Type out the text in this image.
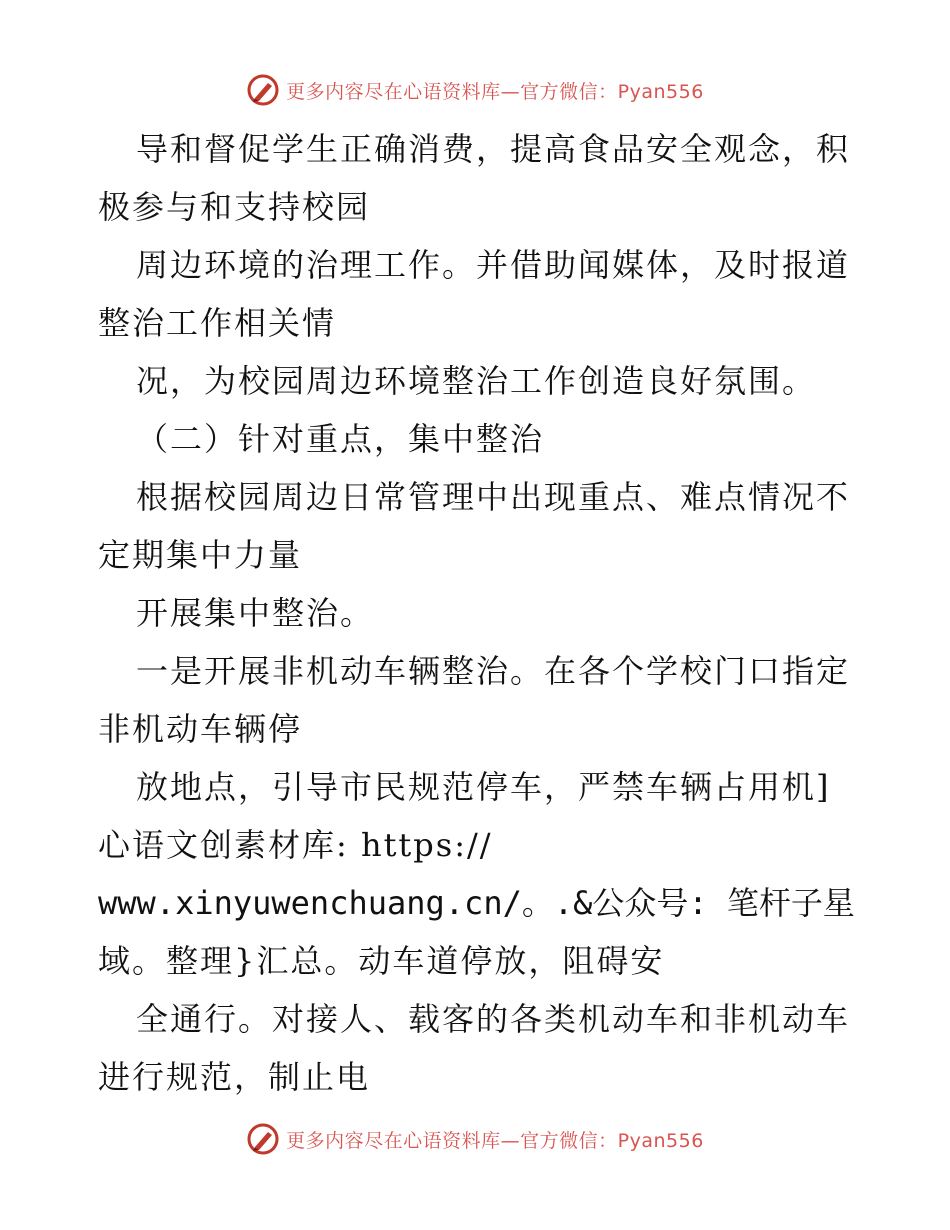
更多内容尽在心语资料库—官方微信：Pyan556
导和督促学生正确消费，提高食品安全观念，积
极参与和支持校园
周边环境的治理工作。并借助闻媒体，及时报道
整治工作相关情
况，为校园周边环境整治工作创造良好氛围。
（二）针对重点，集中整治
根据校园周边日常管理中出现重点、难点情况不
定期集中力量
开展集中整治。
一是开展非机动车辆整治。在各个学校门口指定
非机动车辆停
放地点，引导市民规范停车，严禁车辆占用机]
心语文创素材库: https://
www.xinyuwenchuang.cn/。.&公众号: 笔杆子星
域。整理}汇总。动车道停放，阻碍安
全通行。对接人、载客的各类机动车和非机动车
进行规范，制止电
更多内容尽在心语资料库—官方微信：Pyan556
